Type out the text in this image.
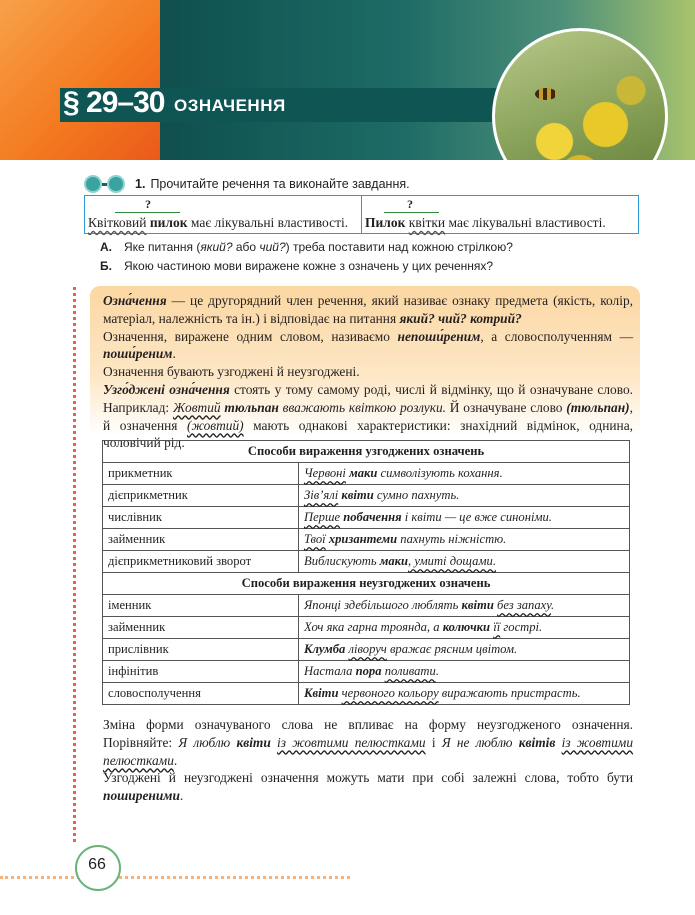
§ 29–30 ОЗНАЧЕННЯ
1. Прочитайте речення та виконайте завдання.
?
Квітковий пилок має лікувальні властивості.
?
Пилок квітки має лікувальні властивості.
А. Яке питання (який? або чий?) треба поставити над кожною стрілкою?
Б. Якою частиною мови виражене кожне з означень у цих реченнях?

Озна́чення — це другорядний член речення, який називає ознаку предмета (якість, колір, матеріал, належність та ін.) і відповідає на питання який? чий? котрий?

Означення, виражене одним словом, називаємо непоши́реним, а словосполученням — поши́реним.

Означення бувають узгоджені й неузгоджені.

Узго́джені озна́чення стоять у тому самому роді, числі й відмінку, що й означуване слово. Наприклад: Жовтий тюльпан вважають квіткою розлуки. Й означуване слово (тюльпан), й означення (жовтий) мають однакові характеристики: знахідний відмінок, однина, чоловічий рід.

Способи вираження узгоджених означень	
прикметник	Червоні маки символізують кохання.
дієприкметник	Зів’ялі квіти сумно пахнуть.
числівник	Перше побачення і квіти — це вже синоніми.
займенник	Твої хризантеми пахнуть ніжністю.
дієприкметниковий зворот	Виблискують маки, умиті дощами.
Способи вираження неузгоджених означень	
іменник	Японці здебільшого люблять квіти без запаху.
займенник	Хоч яка гарна троянда, а колючки її гострі.
прислівник	Клумба ліворуч вражає рясним цвітом.
інфінітив	Настала пора поливати.
словосполучення	Квіти червоного кольору виражають пристрасть.

Зміна форми означуваного слова не впливає на форму неузгодженого означення. Порівняйте: Я люблю квіти із жовтими пелюстками і Я не люблю квітів із жовтими пелюстками.

Узгоджені й неузгоджені означення можуть мати при собі залежні слова, тобто бути поширеними.

66
